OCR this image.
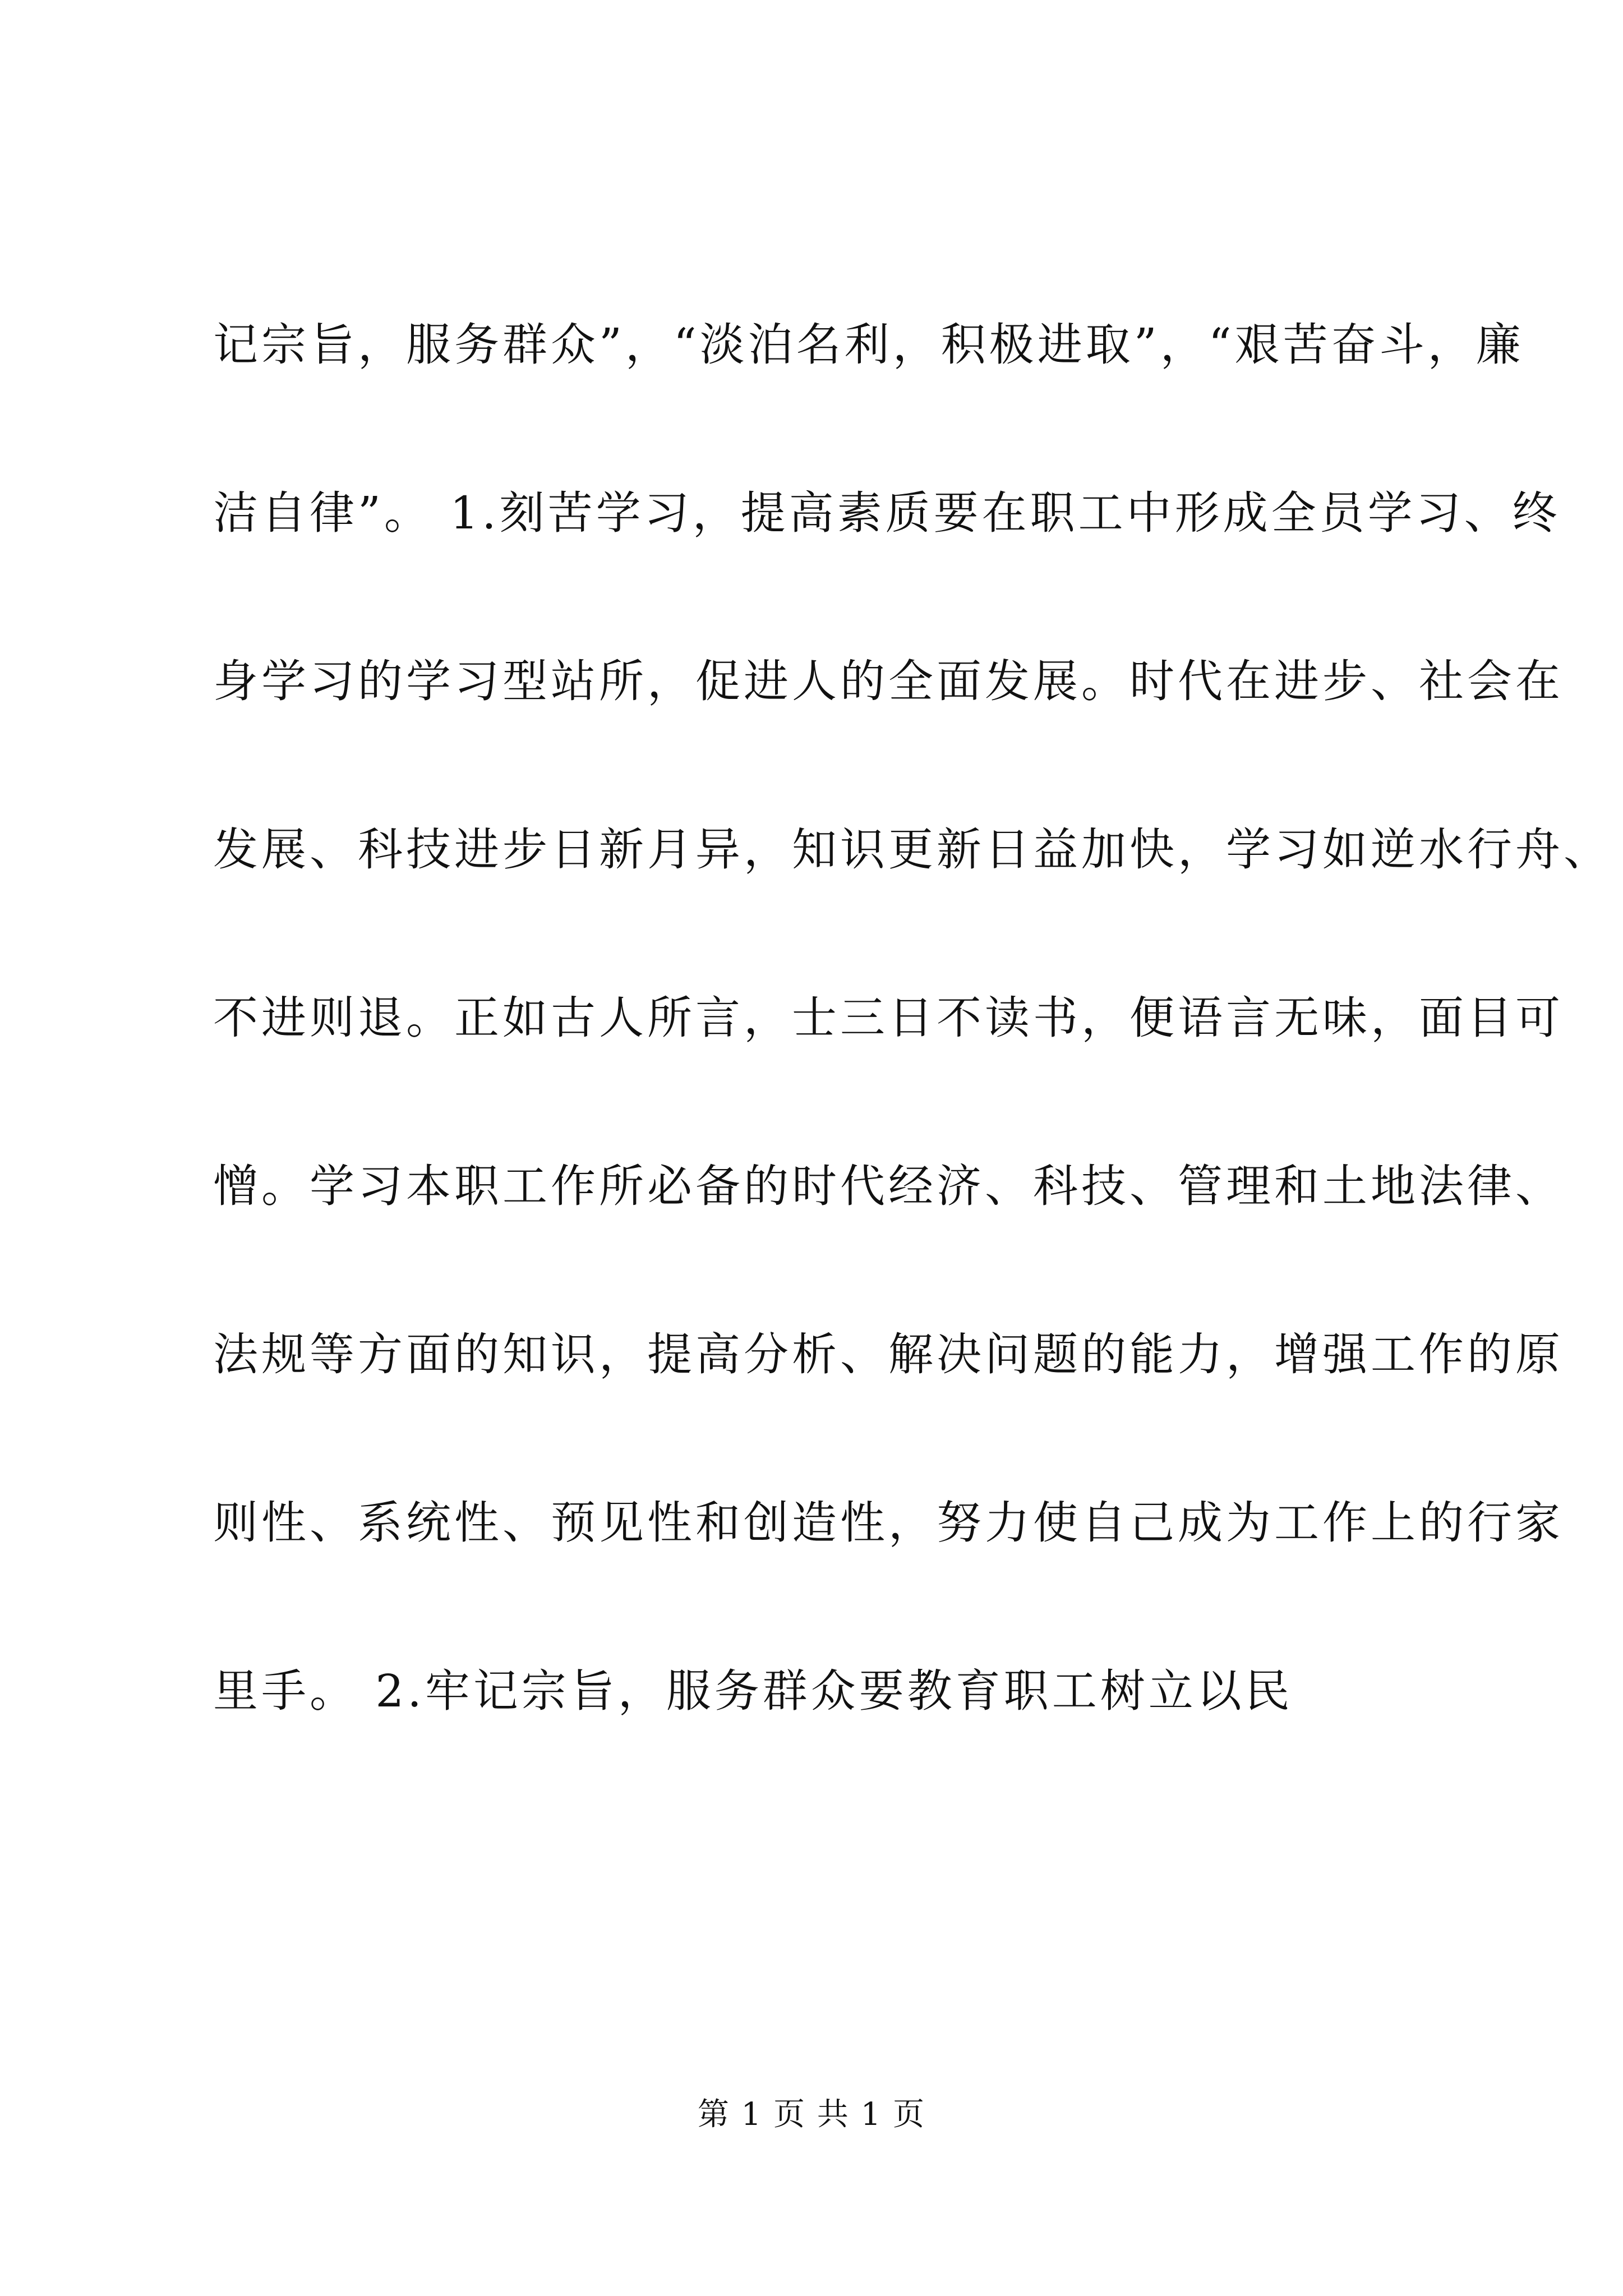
记宗旨，服务群众”，“淡泊名利，积极进取”，“艰苦奋斗，廉
洁自律”。 1.刻苦学习，提高素质要在职工中形成全员学习、终
身学习的学习型站所，促进人的全面发展。时代在进步、社会在
发展、科技进步日新月异，知识更新日益加快，学习如逆水行舟、
不进则退。正如古人所言，士三日不读书，便语言无味，面目可
憎。学习本职工作所必备的时代经济、科技、管理和土地法律、
法规等方面的知识，提高分析、解决问题的能力，增强工作的原
则性、系统性、预见性和创造性，努力使自己成为工作上的行家
里手。 2.牢记宗旨，服务群众要教育职工树立以民
第 1 页 共 1 页
